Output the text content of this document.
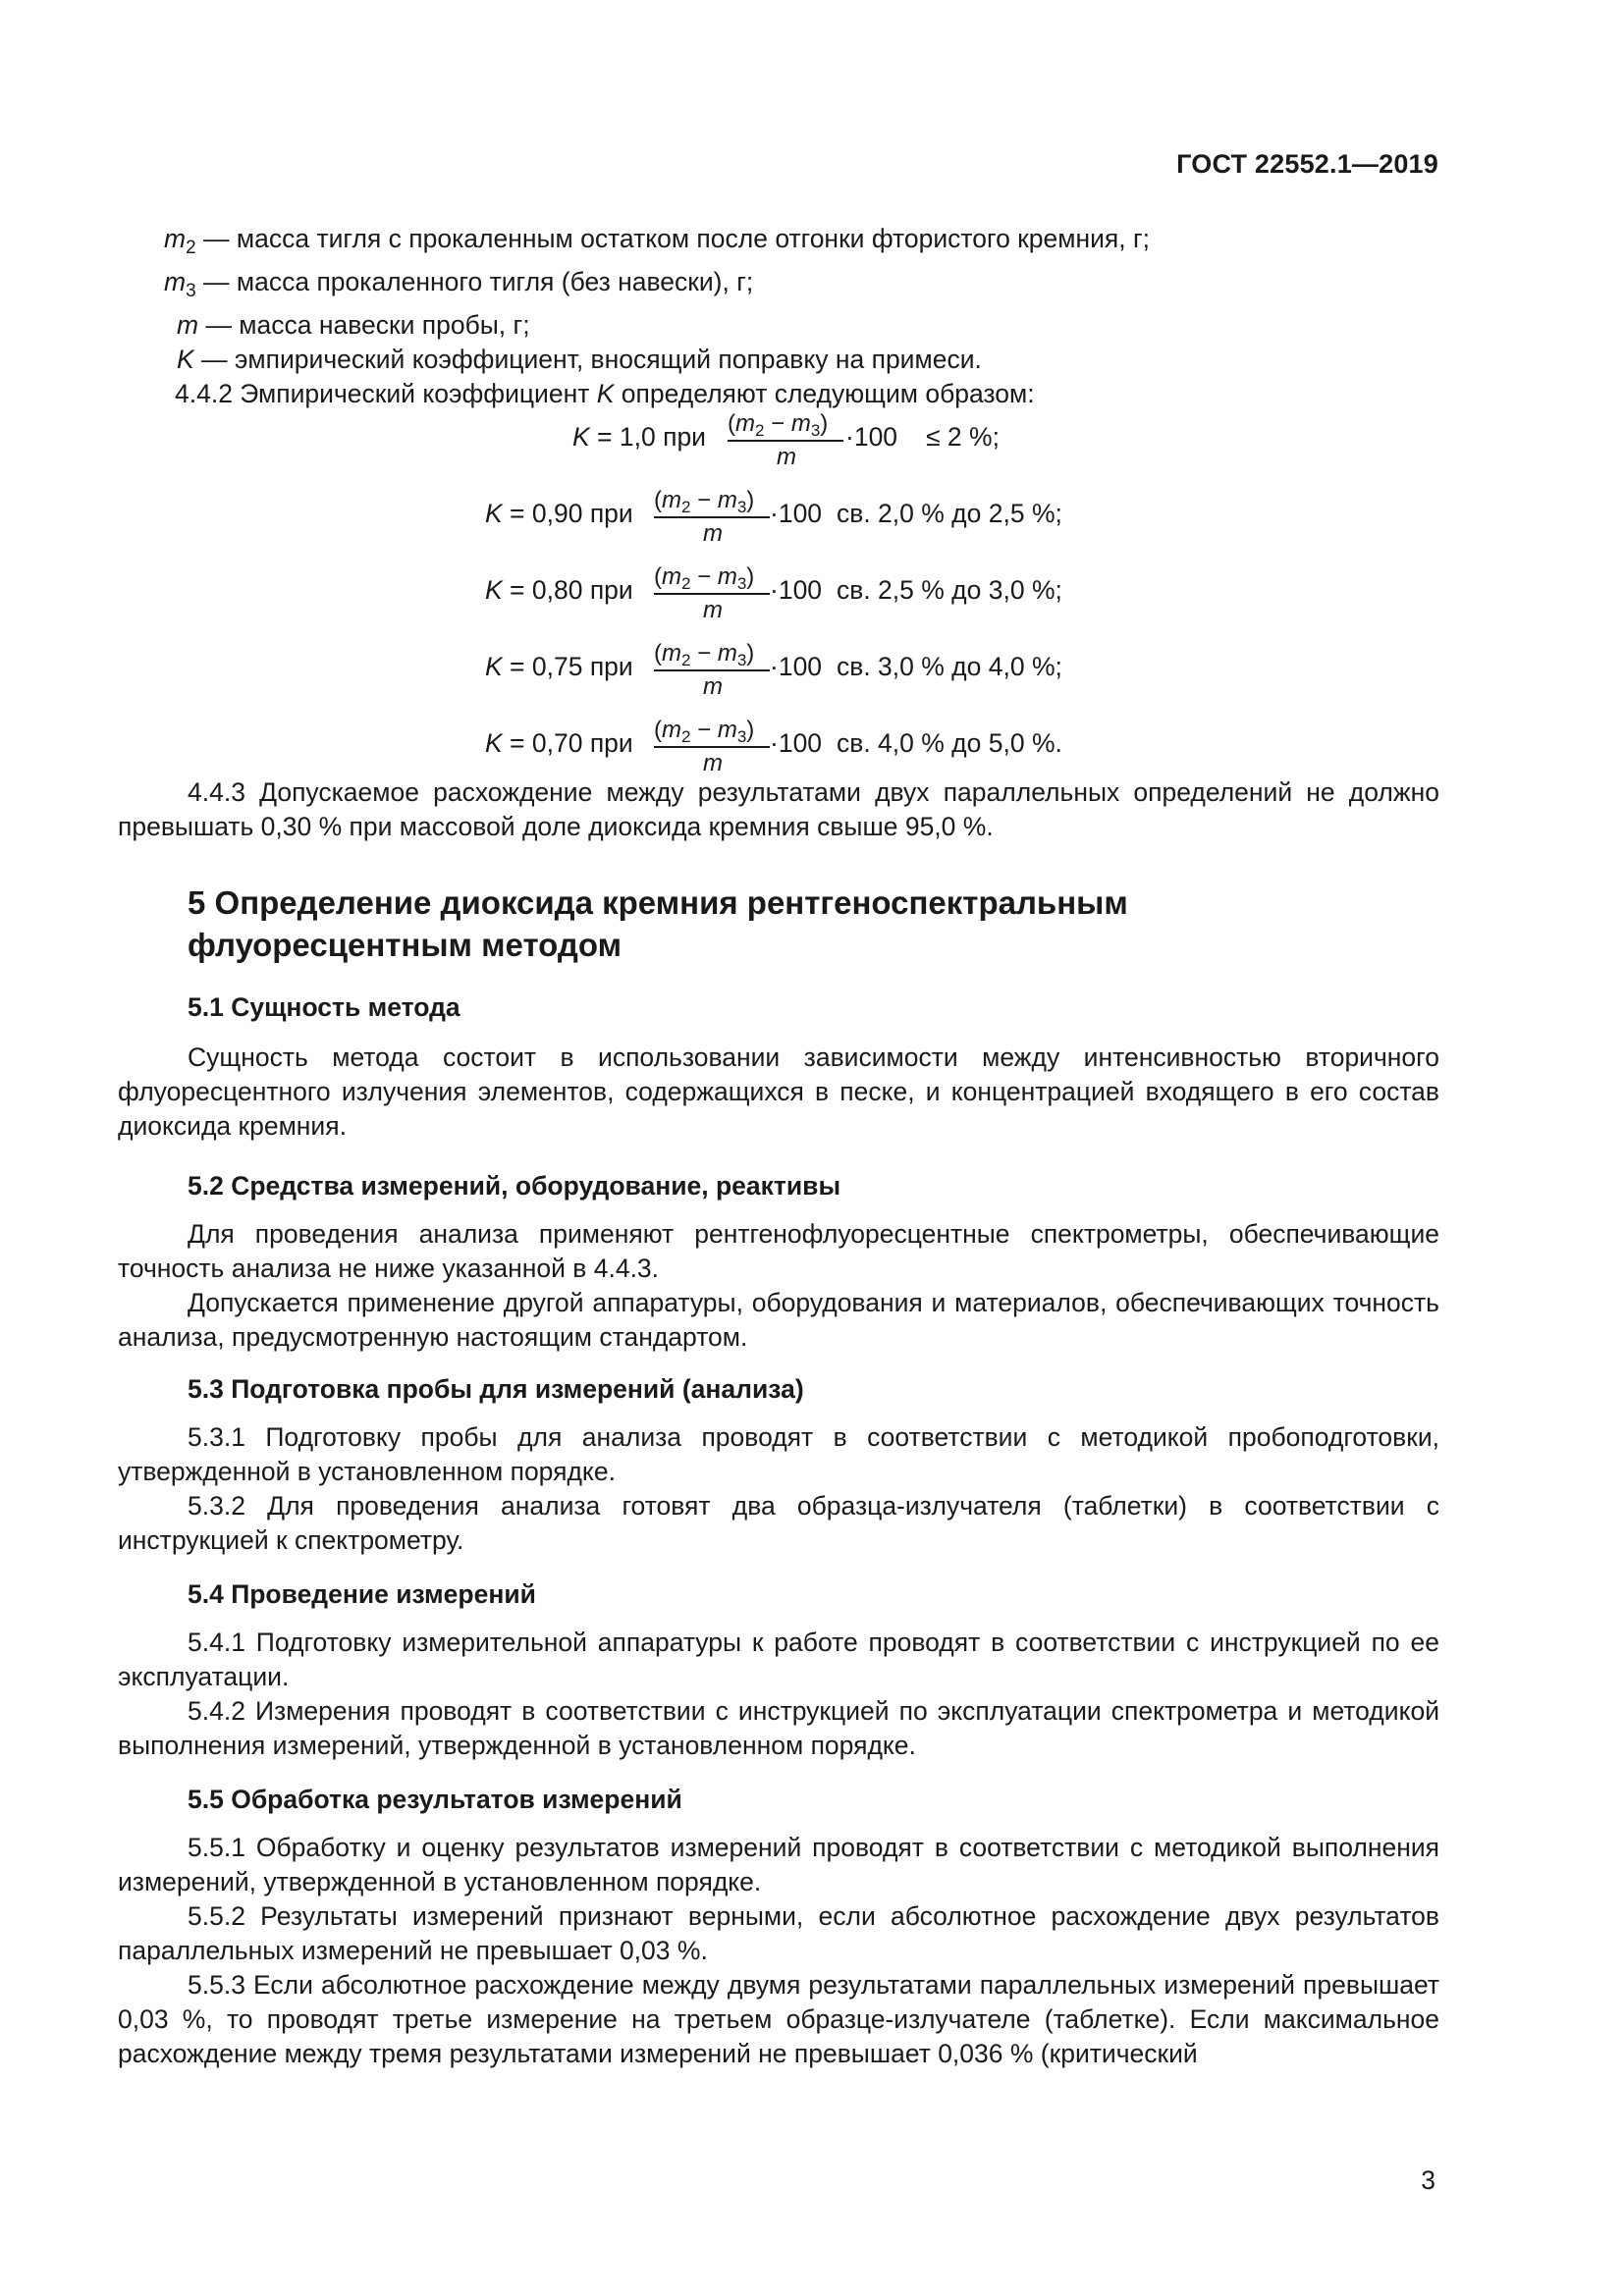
ГОСТ 22552.1—2019

$m_2$ — масса тигля с прокаленным остатком после отгонки фтористого кремния, г;

$m_3$ — масса прокаленного тигля (без навески), г;

m — масса навески пробы, г;

K — эмпирический коэффициент, вносящий поправку на примеси.

4.4.2 Эмпирический коэффициент K определяют следующим образом:

K = 1,0 при $(m_2 - m_3)$
m
·100 ≤ 2 %;
K = 0,90 при $(m_2 - m_3)$
m
·100 св. 2,0 % до 2,5 %;
K = 0,80 при $(m_2 - m_3)$
m
·100 св. 2,5 % до 3,0 %;
K = 0,75 при $(m_2 - m_3)$
m
·100 св. 3,0 % до 4,0 %;
K = 0,70 при $(m_2 - m_3)$
m
·100 св. 4,0 % до 5,0 %.

4.4.3 Допускаемое расхождение между результатами двух параллельных определений не должно превышать 0,30 % при массовой доле диоксида кремния свыше 95,0 %.

5 Определение диоксида кремния рентгеноспектральным
флуоресцентным методом
5.1 Сущность метода

Сущность метода состоит в использовании зависимости между интенсивностью вторичного флуоресцентного излучения элементов, содержащихся в песке, и концентрацией входящего в его состав диоксида кремния.

5.2 Средства измерений, оборудование, реактивы

Для проведения анализа применяют рентгенофлуоресцентные спектрометры, обеспечивающие точность анализа не ниже указанной в 4.4.3.

Допускается применение другой аппаратуры, оборудования и материалов, обеспечивающих точность анализа, предусмотренную настоящим стандартом.

5.3 Подготовка пробы для измерений (анализа)

5.3.1 Подготовку пробы для анализа проводят в соответствии с методикой пробоподготовки, утвержденной в установленном порядке.

5.3.2 Для проведения анализа готовят два образца-излучателя (таблетки) в соответствии с инструкцией к спектрометру.

5.4 Проведение измерений

5.4.1 Подготовку измерительной аппаратуры к работе проводят в соответствии с инструкцией по ее эксплуатации.

5.4.2 Измерения проводят в соответствии с инструкцией по эксплуатации спектрометра и методикой выполнения измерений, утвержденной в установленном порядке.

5.5 Обработка результатов измерений

5.5.1 Обработку и оценку результатов измерений проводят в соответствии с методикой выполнения измерений, утвержденной в установленном порядке.

5.5.2 Результаты измерений признают верными, если абсолютное расхождение двух результатов параллельных измерений не превышает 0,03 %.

5.5.3 Если абсолютное расхождение между двумя результатами параллельных измерений превышает 0,03 %, то проводят третье измерение на третьем образце-излучателе (таблетке). Если максимальное расхождение между тремя результатами измерений не превышает 0,036 % (критический

3
